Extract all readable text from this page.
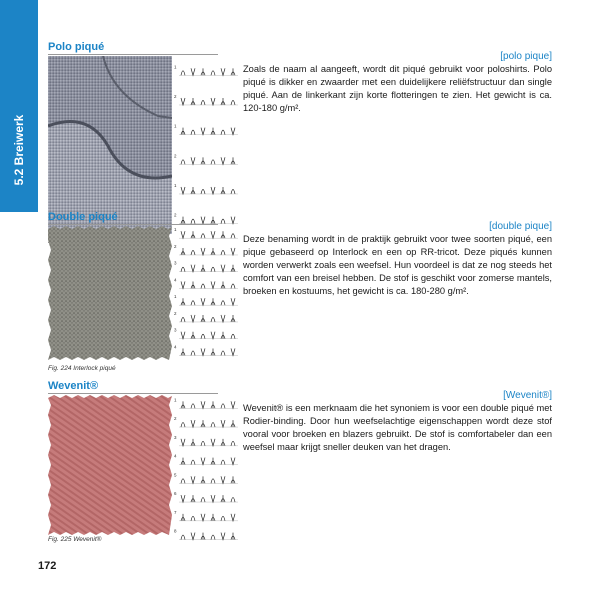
5.2 Breiwerk
Polo piqué
[polo pique]
1
2
1
2
1
2

Zoals de naam al aangeeft, wordt dit piqué gebruikt voor poloshirts. Polo piqué is dikker en zwaarder met een duidelijkere reliëfstructuur dan single piqué. Aan de linkerkant zijn korte flotteringen te zien. Het gewicht is ca. 120-180 g/m².

Double piqué
[double pique]
1
2
3
4
1
2
3
4
Fig. 224 Interlock piqué

Deze benaming wordt in de praktijk gebruikt voor twee soorten piqué, een pique gebaseerd op Interlock en een op RR-tricot. Deze piqués kunnen worden verwerkt zoals een weefsel. Hun voordeel is dat ze nog steeds het comfort van een breisel hebben. De stof is geschikt voor zomerse mantels, broeken en kostuums, het gewicht is ca. 180-280 g/m².

Wevenit®
[Wevenit®]
1
2
3
4
5
6
7
8
Fig. 225 Wevenit®

Wevenit® is een merknaam die het synoniem is voor een double piqué met Rodier-binding. Door hun weefselachtige eigenschappen wordt deze stof vooral voor broeken en blazers gebruikt. De stof is comfortabeler dan een weefsel maar krijgt sneller deuken van het dragen.

172
